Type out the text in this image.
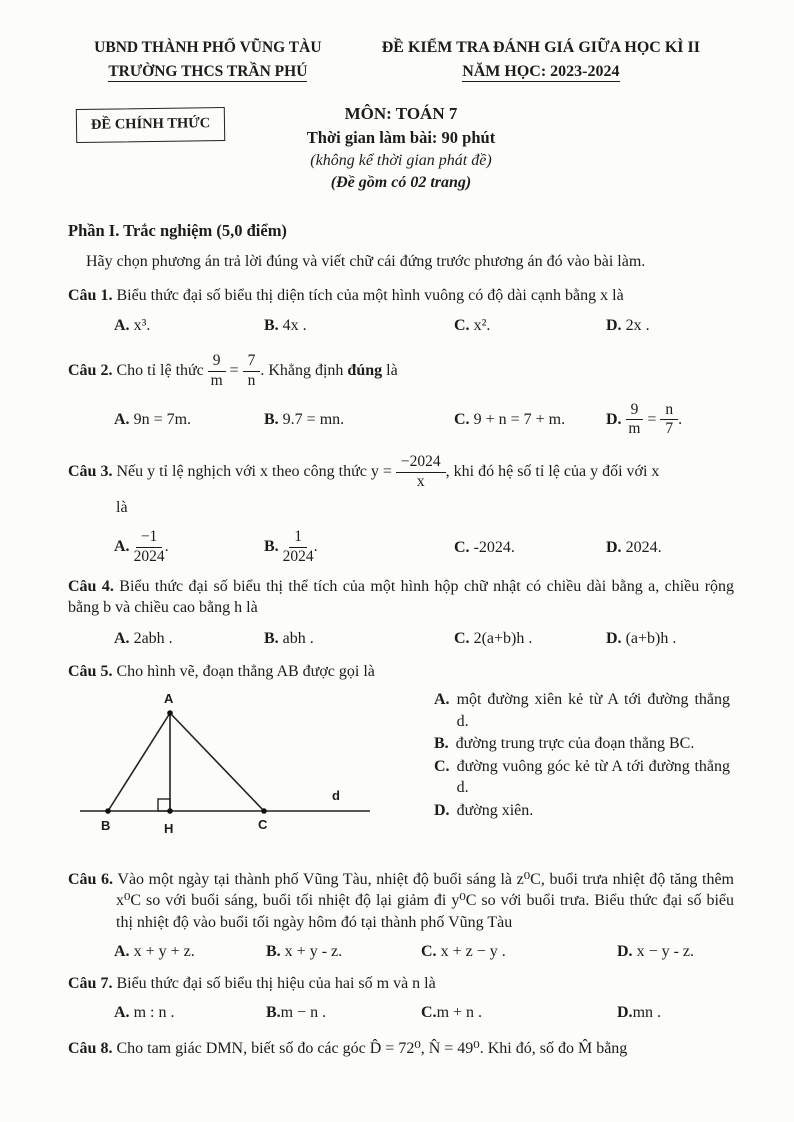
UBND THÀNH PHỐ VŨNG TÀU
TRƯỜNG THCS TRẦN PHÚ
ĐỀ KIỂM TRA ĐÁNH GIÁ GIỮA HỌC KÌ II
NĂM HỌC: 2023-2024
ĐỀ CHÍNH THỨC
MÔN: TOÁN 7
Thời gian làm bài: 90 phút
(không kể thời gian phát đề)
(Đề gồm có 02 trang)
Phần I. Trắc nghiệm (5,0 điểm)
Hãy chọn phương án trả lời đúng và viết chữ cái đứng trước phương án đó vào bài làm.
Câu 1. Biểu thức đại số biểu thị diện tích của một hình vuông có độ dài cạnh bằng x là
A. x³.	B. 4x .	C. x².	D. 2x .
Câu 2. Cho tỉ lệ thức $\frac{9}{m} = \frac{7}{n}$ . Khẳng định đúng là
A. 9n = 7m.	B. 9.7 = mn.	C. 9 + n = 7 + m.	D. $\frac{9}{m} = \frac{n}{7}$ .
Câu 3. Nếu y tỉ lệ nghịch với x theo công thức $y = \frac{-2024}{x}$ , khi đó hệ số tỉ lệ của y đối với x
là
A. $\frac{-1}{2024}$ .	B. $\frac{1}{2024}$ .	C. -2024.	D. 2024.
Câu 4. Biểu thức đại số biểu thị thể tích của một hình hộp chữ nhật có chiều dài bằng a, chiều rộng bằng b và chiều cao bằng h là
A. 2abh .	B. abh .	C. 2(a+b)h .	D. (a+b)h .
Câu 5. Cho hình vẽ, đoạn thẳng AB được gọi là
A
B	H	C
d
A. một đường xiên kẻ từ A tới đường thẳng d.
B. đường trung trực của đoạn thẳng BC.
C. đường vuông góc kẻ từ A tới đường thẳng d.
D. đường xiên.
Câu 6. Vào một ngày tại thành phố Vũng Tàu, nhiệt độ buổi sáng là z⁰C, buổi trưa nhiệt độ tăng thêm x⁰C so với buổi sáng, buổi tối nhiệt độ lại giảm đi y⁰C so với buổi trưa. Biểu thức đại số biểu thị nhiệt độ vào buổi tối ngày hôm đó tại thành phố Vũng Tàu
A. x + y + z.	B. x + y - z.	C. x + z − y .	D. x − y - z.
Câu 7. Biểu thức đại số biểu thị hiệu của hai số m và n là
A. m : n .	B.m − n .	C.m + n .	D.mn .
Câu 8. Cho tam giác DMN, biết số đo các góc D̂ = 72⁰, N̂ = 49⁰. Khi đó, số đo M̂ bằng
